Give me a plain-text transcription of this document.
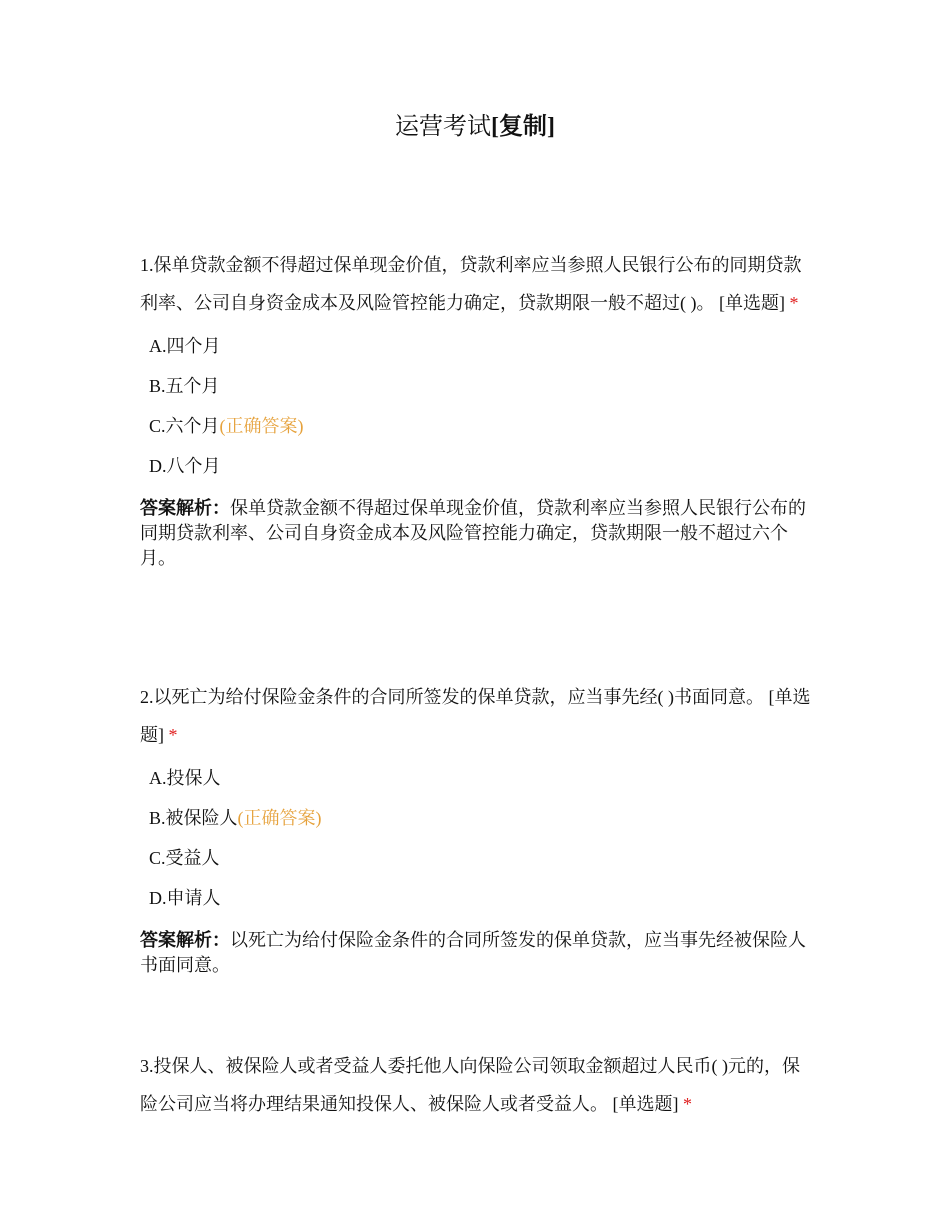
运营考试[复制]

1.保单贷款金额不得超过保单现金价值，贷款利率应当参照人民银行公布的同期贷款利率、公司自身资金成本及风险管控能力确定，贷款期限一般不超过( )。 [单选题] *

A.四个月
B.五个月
C.六个月(正确答案)
D.八个月

答案解析：保单贷款金额不得超过保单现金价值，贷款利率应当参照人民银行公布的同期贷款利率、公司自身资金成本及风险管控能力确定，贷款期限一般不超过六个月。

2.以死亡为给付保险金条件的合同所签发的保单贷款，应当事先经( )书面同意。 [单选题] *

A.投保人
B.被保险人(正确答案)
C.受益人
D.申请人

答案解析：以死亡为给付保险金条件的合同所签发的保单贷款，应当事先经被保险人书面同意。

3.投保人、被保险人或者受益人委托他人向保险公司领取金额超过人民币( )元的，保险公司应当将办理结果通知投保人、被保险人或者受益人。 [单选题] *
